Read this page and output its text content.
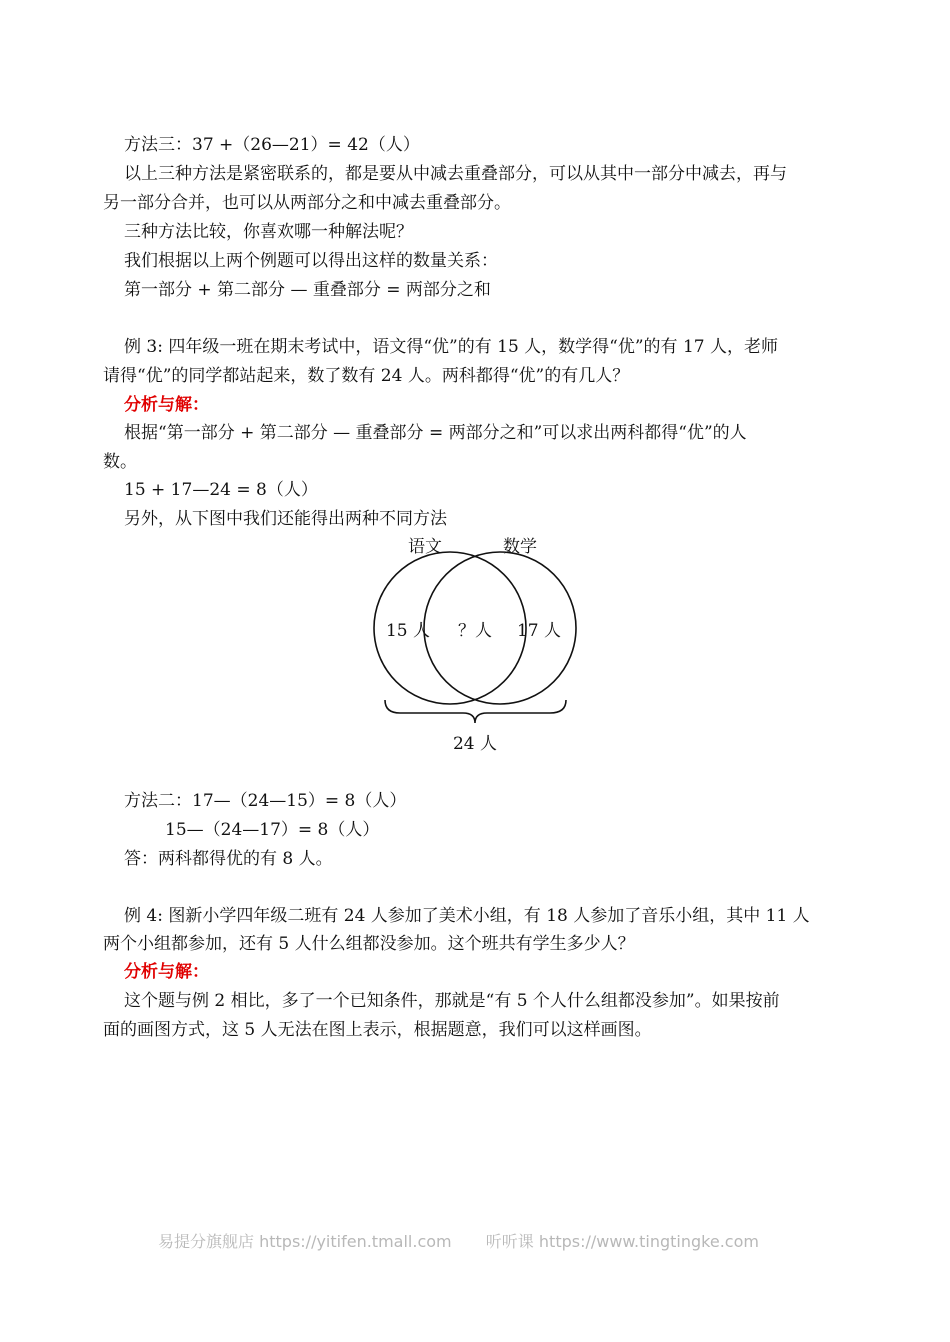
方法三：37 +（26—21）= 42（人）
以上三种方法是紧密联系的，都是要从中减去重叠部分，可以从其中一部分中减去，再与
另一部分合并，也可以从两部分之和中减去重叠部分。
三种方法比较，你喜欢哪一种解法呢？
我们根据以上两个例题可以得出这样的数量关系：
第一部分 + 第二部分 — 重叠部分 = 两部分之和
例 3: 四年级一班在期末考试中，语文得“优”的有 15 人，数学得“优”的有 17 人，老师
请得“优”的同学都站起来，数了数有 24 人。两科都得“优”的有几人？
分析与解：
根据“第一部分 + 第二部分 — 重叠部分 = 两部分之和”可以求出两科都得“优”的人
数。
15 + 17—24 = 8（人）
另外，从下图中我们还能得出两种不同方法
语文	数学
15 人 ？人 17 人
24 人
方法二：17—（24—15）= 8（人）
15—（24—17）= 8（人）
答：两科都得优的有 8 人。
例 4: 图新小学四年级二班有 24 人参加了美术小组，有 18 人参加了音乐小组，其中 11 人
两个小组都参加，还有 5 人什么组都没参加。这个班共有学生多少人？
分析与解：
这个题与例 2 相比，多了一个已知条件，那就是“有 5 个人什么组都没参加”。如果按前
面的画图方式，这 5 人无法在图上表示，根据题意，我们可以这样画图。
易提分旗舰店 https://yitifen.tmall.com 听听课 https://www.tingtingke.com
